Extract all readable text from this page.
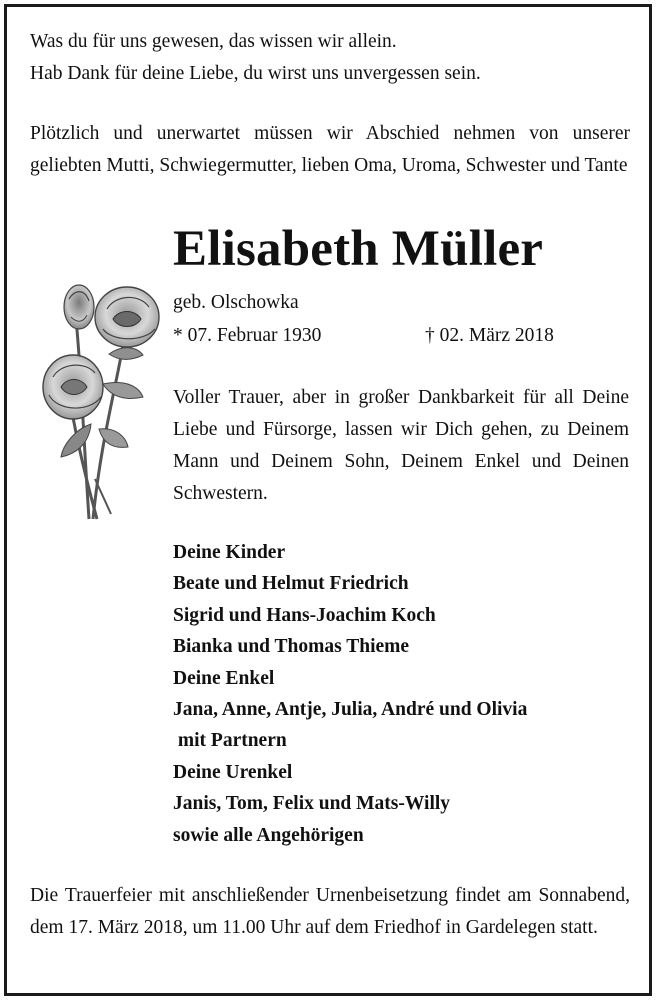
Was du für uns gewesen, das wissen wir allein.
Hab Dank für deine Liebe, du wirst uns unvergessen sein.
Plötzlich und unerwartet müssen wir Abschied nehmen von unserer geliebten Mutti, Schwiegermutter, lieben Oma, Uroma, Schwester und Tante
Elisabeth Müller
geb. Olschowka
* 07. Februar 1930	† 02. März 2018
Voller Trauer, aber in großer Dankbarkeit für all Deine Liebe und Fürsorge, lassen wir Dich gehen, zu Deinem Mann und Deinem Sohn, Deinem Enkel und Deinen Schwestern.
Deine Kinder
Beate und Helmut Friedrich
Sigrid und Hans-Joachim Koch
Bianka und Thomas Thieme
Deine Enkel
Jana, Anne, Antje, Julia, André und Olivia
mit Partnern
Deine Urenkel
Janis, Tom, Felix und Mats-Willy
sowie alle Angehörigen
Die Trauerfeier mit anschließender Urnenbeisetzung findet am Sonnabend, dem 17. März 2018, um 11.00 Uhr auf dem Friedhof in Gardelegen statt.
